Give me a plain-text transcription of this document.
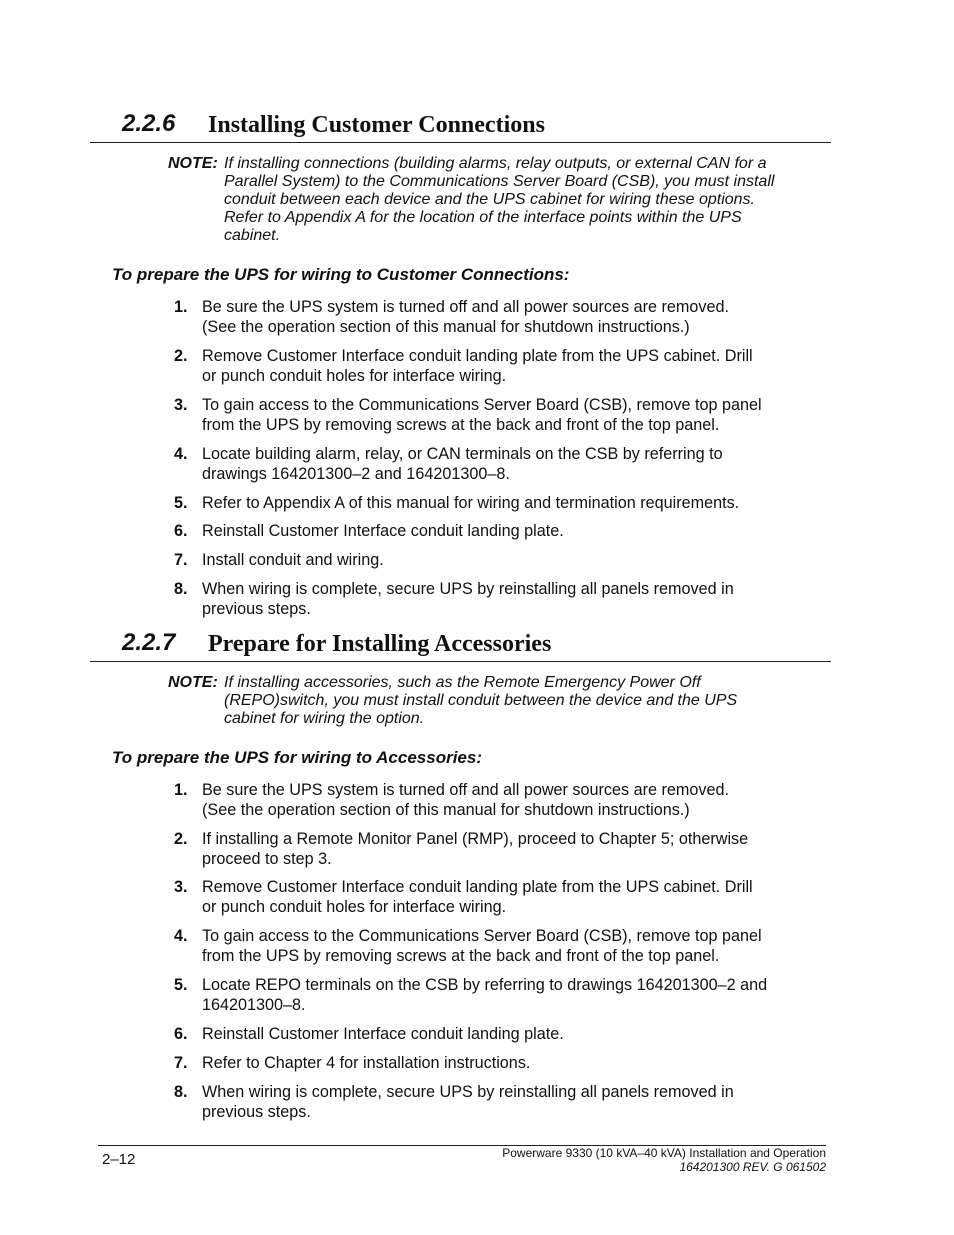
2.2.6 Installing Customer Connections
NOTE: If installing connections (building alarms, relay outputs, or external CAN for a
Parallel System) to the Communications Server Board (CSB), you must install
conduit between each device and the UPS cabinet for wiring these options.
Refer to Appendix A for the location of the interface points within the UPS
cabinet.
To prepare the UPS for wiring to Customer Connections:
1. Be sure the UPS system is turned off and all power sources are removed.
(See the operation section of this manual for shutdown instructions.)
2. Remove Customer Interface conduit landing plate from the UPS cabinet. Drill
or punch conduit holes for interface wiring.
3. To gain access to the Communications Server Board (CSB), remove top panel
from the UPS by removing screws at the back and front of the top panel.
4. Locate building alarm, relay, or CAN terminals on the CSB by referring to
drawings 164201300–2 and 164201300–8.
5. Refer to Appendix A of this manual for wiring and termination requirements.
6. Reinstall Customer Interface conduit landing plate.
7. Install conduit and wiring.
8. When wiring is complete, secure UPS by reinstalling all panels removed in
previous steps.
2.2.7 Prepare for Installing Accessories
NOTE: If installing accessories, such as the Remote Emergency Power Off
(REPO)switch, you must install conduit between the device and the UPS
cabinet for wiring the option.
To prepare the UPS for wiring to Accessories:
1. Be sure the UPS system is turned off and all power sources are removed.
(See the operation section of this manual for shutdown instructions.)
2. If installing a Remote Monitor Panel (RMP), proceed to Chapter 5; otherwise
proceed to step 3.
3. Remove Customer Interface conduit landing plate from the UPS cabinet. Drill
or punch conduit holes for interface wiring.
4. To gain access to the Communications Server Board (CSB), remove top panel
from the UPS by removing screws at the back and front of the top panel.
5. Locate REPO terminals on the CSB by referring to drawings 164201300–2 and
164201300–8.
6. Reinstall Customer Interface conduit landing plate.
7. Refer to Chapter 4 for installation instructions.
8. When wiring is complete, secure UPS by reinstalling all panels removed in
previous steps.
2‒12	Powerware 9330 (10 kVA‒40 kVA) Installation and Operation
164201300 REV. G 061502
